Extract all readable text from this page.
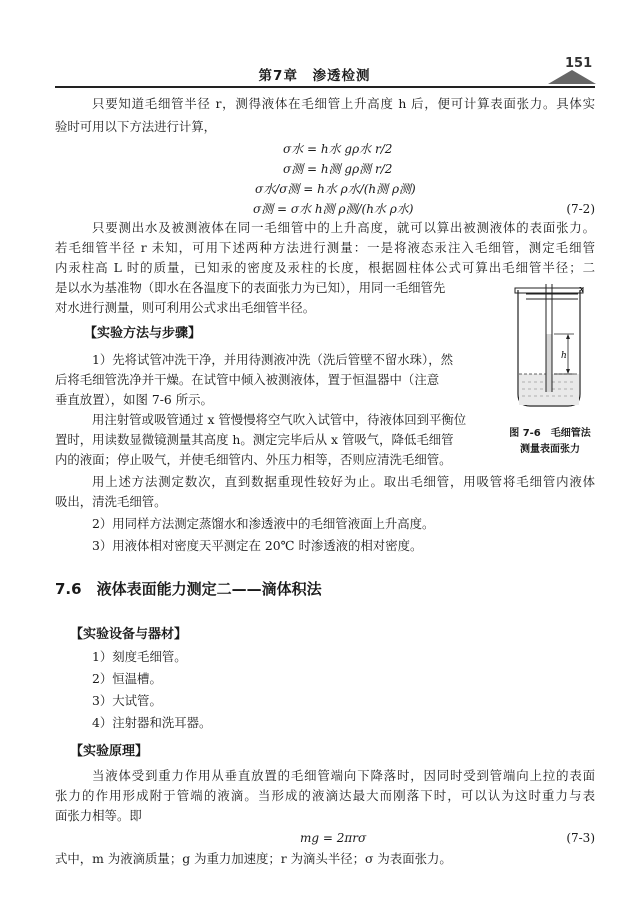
151
第7章　渗透检测
只要知道毛细管半径 r，测得液体在毛细管上升高度 h 后，便可计算表面张力。具体实
验时可用以下方法进行计算，
σ水 = h水 gρ水 r/2
σ测 = h测 gρ测 r/2
σ水/σ测 = h水 ρ水/(h测 ρ测)
σ测 = σ水 h测 ρ测/(h水 ρ水)	(7-2)
只要测出水及被测液体在同一毛细管中的上升高度，就可以算出被测液体的表面张力。
若毛细管半径 r 未知，可用下述两种方法进行测量：一是将液态汞注入毛细管，测定毛细管
内汞柱高 L 时的质量，已知汞的密度及汞柱的长度，根据圆柱体公式可算出毛细管半径；二
是以水为基准物（即水在各温度下的表面张力为已知），用同一毛细管先
对水进行测量，则可利用公式求出毛细管半径。
【实验方法与步骤】
1）先将试管冲洗干净，并用待测液冲洗（洗后管壁不留水珠），然
后将毛细管洗净并干燥。在试管中倾入被测液体，置于恒温器中（注意
垂直放置），如图 7-6 所示。
用注射管或吸管通过 x 管慢慢将空气吹入试管中，待液体回到平衡位
置时，用读数显微镜测量其高度 h。测定完毕后从 x 管吸气，降低毛细管
内的液面；停止吸气，并使毛细管内、外压力相等，否则应清洗毛细管。
用上述方法测定数次，直到数据重现性较好为止。取出毛细管，用吸管将毛细管内液体
吸出，清洗毛细管。
2）用同样方法测定蒸馏水和渗透液中的毛细管液面上升高度。
3）用液体相对密度天平测定在 20℃ 时渗透液的相对密度。
x
h
图 7-6　毛细管法
测量表面张力
7.6　液体表面能力测定二——滴体积法
【实验设备与器材】
1）刻度毛细管。
2）恒温槽。
3）大试管。
4）注射器和洗耳器。
【实验原理】
当液体受到重力作用从垂直放置的毛细管端向下降落时，因同时受到管端向上拉的表面
张力的作用形成附于管端的液滴。当形成的液滴达最大而刚落下时，可以认为这时重力与表
面张力相等。即
mg = 2πrσ	(7-3)
式中，m 为液滴质量；g 为重力加速度；r 为滴头半径；σ 为表面张力。
